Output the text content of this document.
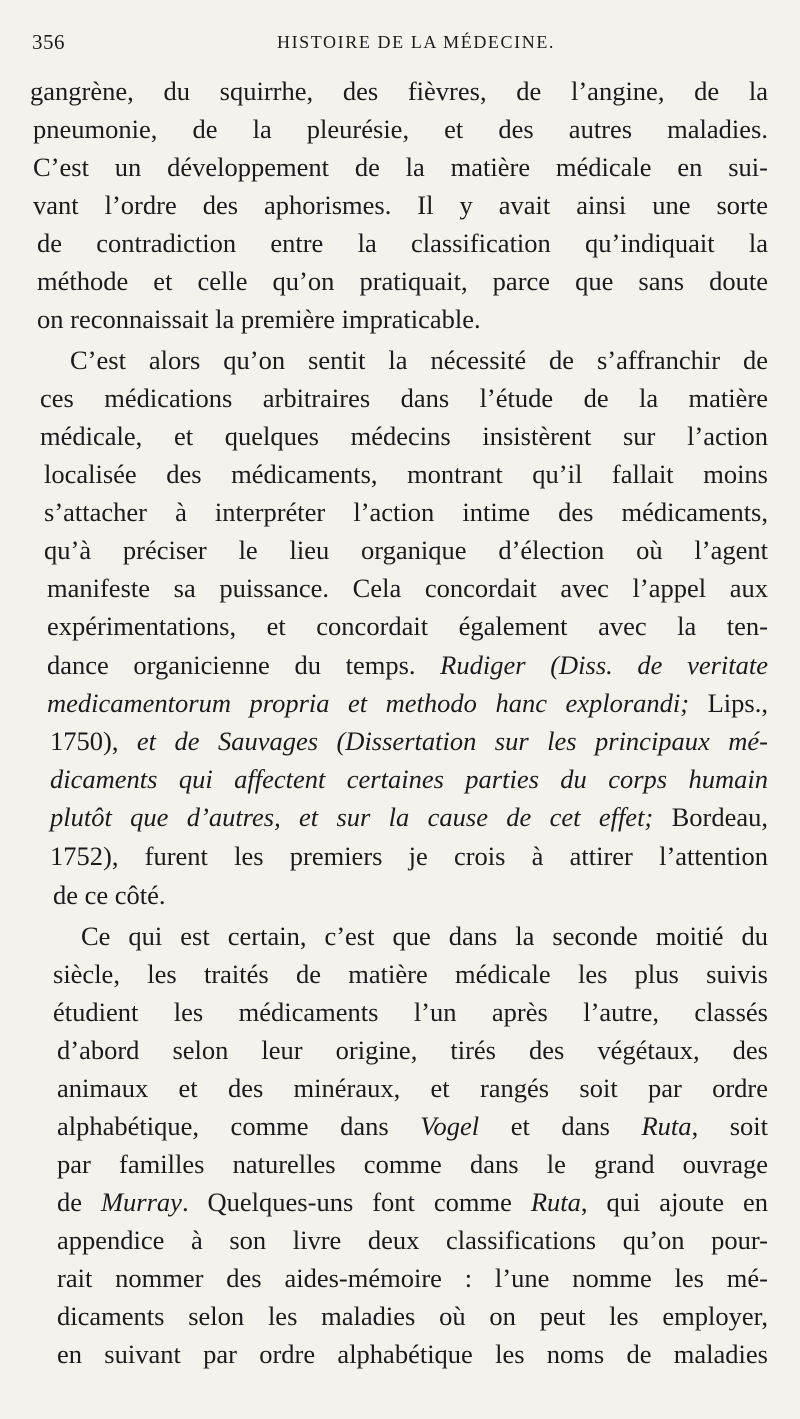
356	HISTOIRE DE LA MÉDECINE.
gangrène, du squirrhe, des fièvres, de l’angine, de la
pneumonie, de la pleurésie, et des autres maladies.
C’est un développement de la matière médicale en sui-
vant l’ordre des aphorismes. Il y avait ainsi une sorte
de contradiction entre la classification qu’indiquait la
méthode et celle qu’on pratiquait, parce que sans doute
on reconnaissait la première impraticable.
C’est alors qu’on sentit la nécessité de s’affranchir de
ces médications arbitraires dans l’étude de la matière
médicale, et quelques médecins insistèrent sur l’action
localisée des médicaments, montrant qu’il fallait moins
s’attacher à interpréter l’action intime des médicaments,
qu’à préciser le lieu organique d’élection où l’agent
manifeste sa puissance. Cela concordait avec l’appel aux
expérimentations, et concordait également avec la ten-
dance organicienne du temps. Rudiger (Diss. de veritate
medicamentorum propria et methodo hanc explorandi; Lips.,
1750), et de Sauvages (Dissertation sur les principaux mé-
dicaments qui affectent certaines parties du corps humain
plutôt que d’autres, et sur la cause de cet effet; Bordeau,
1752), furent les premiers je crois à attirer l’attention
de ce côté.
Ce qui est certain, c’est que dans la seconde moitié du
siècle, les traités de matière médicale les plus suivis
étudient les médicaments l’un après l’autre, classés
d’abord selon leur origine, tirés des végétaux, des
animaux et des minéraux, et rangés soit par ordre
alphabétique, comme dans Vogel et dans Ruta, soit
par familles naturelles comme dans le grand ouvrage
de Murray. Quelques-uns font comme Ruta, qui ajoute en
appendice à son livre deux classifications qu’on pour-
rait nommer des aides-mémoire : l’une nomme les mé-
dicaments selon les maladies où on peut les employer,
en suivant par ordre alphabétique les noms de maladies
